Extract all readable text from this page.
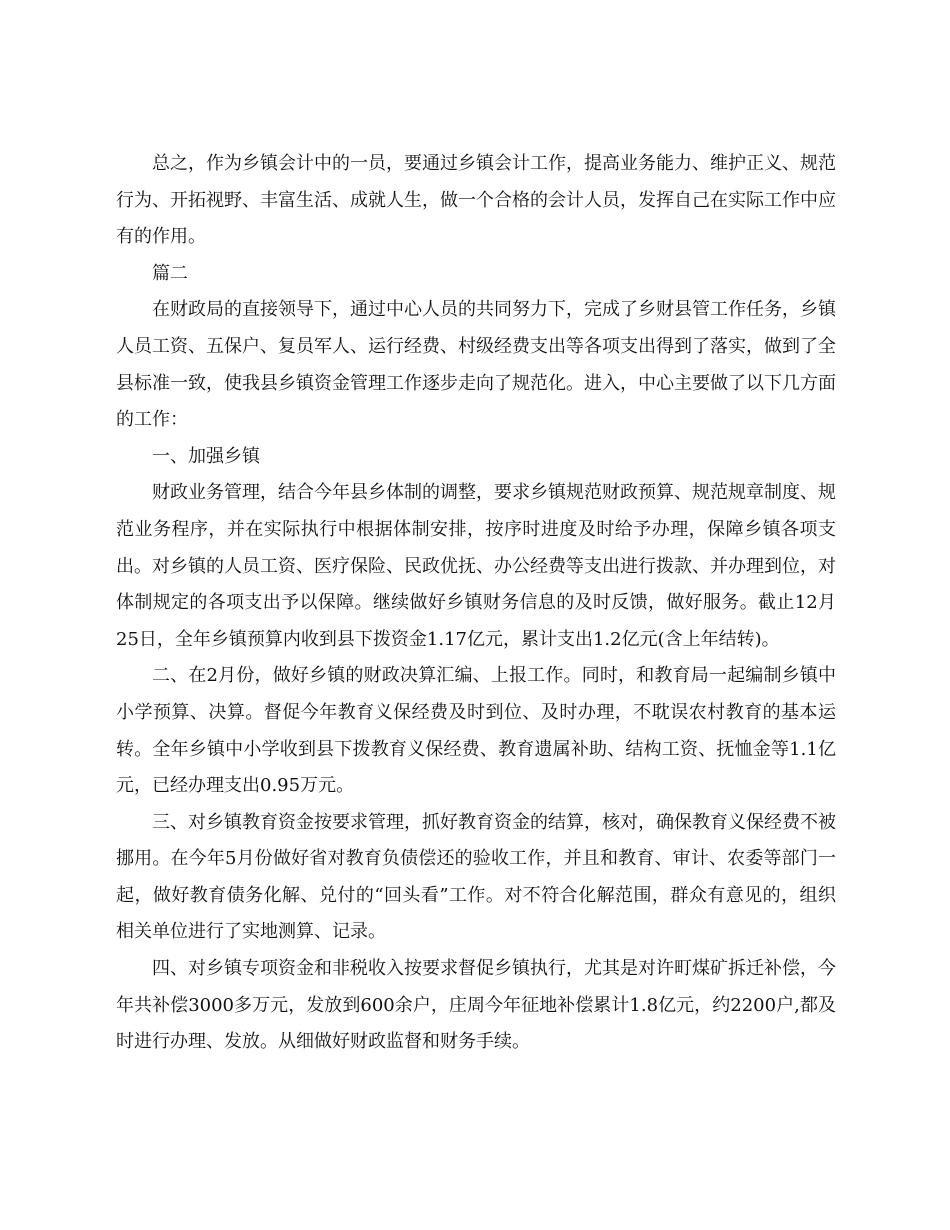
总之，作为乡镇会计中的一员，要通过乡镇会计工作，提高业务能力、维护正义、规范行为、开拓视野、丰富生活、成就人生，做一个合格的会计人员，发挥自己在实际工作中应有的作用。

篇二

在财政局的直接领导下，通过中心人员的共同努力下，完成了乡财县管工作任务，乡镇人员工资、五保户、复员军人、运行经费、村级经费支出等各项支出得到了落实，做到了全县标准一致，使我县乡镇资金管理工作逐步走向了规范化。进入，中心主要做了以下几方面的工作：

一、加强乡镇

财政业务管理，结合今年县乡体制的调整，要求乡镇规范财政预算、规范规章制度、规范业务程序，并在实际执行中根据体制安排，按序时进度及时给予办理，保障乡镇各项支出。对乡镇的人员工资、医疗保险、民政优抚、办公经费等支出进行拨款、并办理到位，对体制规定的各项支出予以保障。继续做好乡镇财务信息的及时反馈，做好服务。截止12月25日，全年乡镇预算内收到县下拨资金1.17亿元，累计支出1.2亿元(含上年结转)。

二、在2月份，做好乡镇的财政决算汇编、上报工作。同时，和教育局一起编制乡镇中小学预算、决算。督促今年教育义保经费及时到位、及时办理，不耽误农村教育的基本运转。全年乡镇中小学收到县下拨教育义保经费、教育遗属补助、结构工资、抚恤金等1.1亿元，已经办理支出0.95万元。

三、对乡镇教育资金按要求管理，抓好教育资金的结算，核对，确保教育义保经费不被挪用。在今年5月份做好省对教育负债偿还的验收工作，并且和教育、审计、农委等部门一起，做好教育债务化解、兑付的“回头看”工作。对不符合化解范围，群众有意见的，组织相关单位进行了实地测算、记录。

四、对乡镇专项资金和非税收入按要求督促乡镇执行，尤其是对许町煤矿拆迁补偿，今年共补偿3000多万元，发放到600余户，庄周今年征地补偿累计1.8亿元，约2200户,都及时进行办理、发放。从细做好财政监督和财务手续。
